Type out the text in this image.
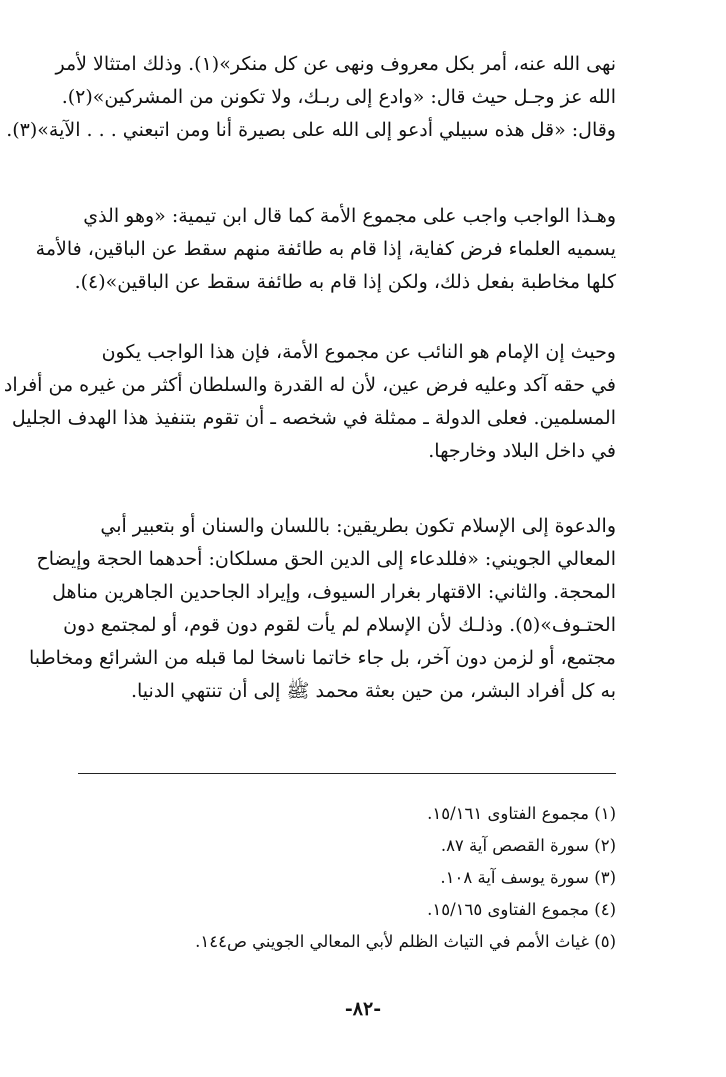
نهى الله عنه، أمر بكل معروف ونهى عن كل منكر»(١). وذلك امتثالا لأمر
الله عز وجـل حيث قال: «وادع إلى ربـك، ولا تكونن من المشركين»(٢).
وقال: «قل هذه سبيلي أدعو إلى الله على بصيرة أنا ومن اتبعني . . . الآية»(٣).
وهـذا الواجب واجب على مجموع الأمة كما قال ابن تيمية: «وهو الذي
يسميه العلماء فرض كفاية، إذا قام به طائفة منهم سقط عن الباقين، فالأمة
كلها مخاطبة بفعل ذلك، ولكن إذا قام به طائفة سقط عن الباقين»(٤).
وحيث إن الإمام هو النائب عن مجموع الأمة، فإن هذا الواجب يكون
في حقه آكد وعليه فرض عين، لأن له القدرة والسلطان أكثر من غيره من أفراد
المسلمين. فعلى الدولة ـ ممثلة في شخصه ـ أن تقوم بتنفيذ هذا الهدف الجليل
في داخل البلاد وخارجها.
والدعوة إلى الإسلام تكون بطريقين: باللسان والسنان أو بتعبير أبي
المعالي الجويني: «فللدعاء إلى الدين الحق مسلكان: أحدهما الحجة وإيضاح
المحجة. والثاني: الاقتهار بغرار السيوف، وإيراد الجاحدين الجاهرين مناهل
الحتـوف»(٥). وذلـك لأن الإسلام لم يأت لقوم دون قوم، أو لمجتمع دون
مجتمع، أو لزمن دون آخر، بل جاء خاتما ناسخا لما قبله من الشرائع ومخاطبا
به كل أفراد البشر، من حين بعثة محمد ﷺ إلى أن تنتهي الدنيا.
(١) مجموع الفتاوى ١٥/١٦١.
(٢) سورة القصص آية ٨٧.
(٣) سورة يوسف آية ١٠٨.
(٤) مجموع الفتاوى ١٥/١٦٥.
(٥) غياث الأمم في التياث الظلم لأبي المعالي الجويني ص١٤٤.
-٨٢-
